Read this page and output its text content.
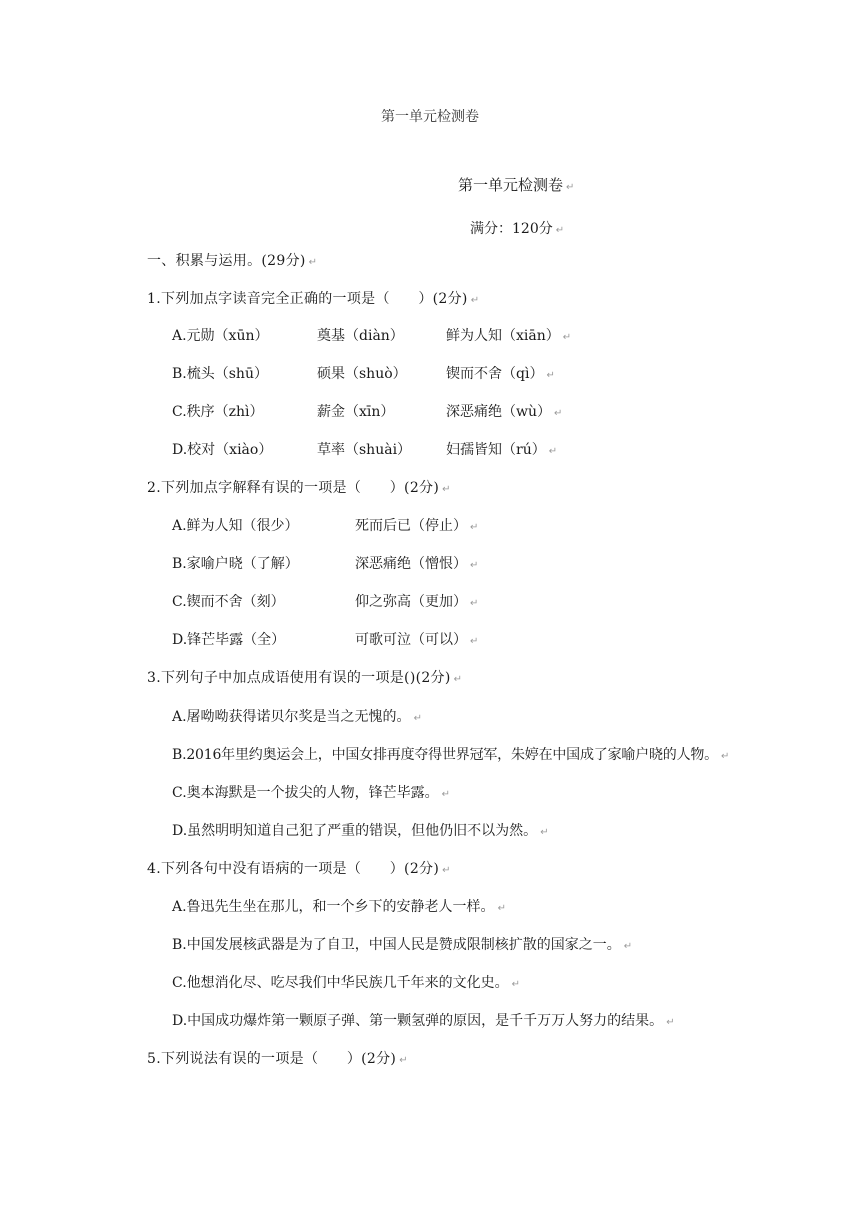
第一单元检测卷
第一单元检测卷 ↵
满分：120分 ↵
一、积累与运用。(29分) ↵
1.下列加点字读音完全正确的一项是（　　）(2分) ↵
A.元勋（xūn）	奠基（diàn）	鲜为人知（xiān） ↵
B.梳头（shū）	硕果（shuò）	锲而不舍（qì） ↵
C.秩序（zhì）	薪金（xīn）	深恶痛绝（wù） ↵
D.校对（xiào）	草率（shuài） 妇孺皆知（rú） ↵
2.下列加点字解释有误的一项是（　　）(2分) ↵
A.鲜为人知（很少）	死而后已（停止） ↵
B.家喻户晓（了解）	深恶痛绝（憎恨） ↵
C.锲而不舍（刻）	仰之弥高（更加） ↵
D.锋芒毕露（全）	可歌可泣（可以） ↵
3.下列句子中加点成语使用有误的一项是()(2分) ↵
A.屠呦呦获得诺贝尔奖是当之无愧的。 ↵
B.2016年里约奥运会上，中国女排再度夺得世界冠军，朱婷在中国成了家喻户晓的人物。 ↵
C.奥本海默是一个拔尖的人物，锋芒毕露。 ↵
D.虽然明明知道自己犯了严重的错误，但他仍旧不以为然。 ↵
4.下列各句中没有语病的一项是（　　）(2分) ↵
A.鲁迅先生坐在那儿，和一个乡下的安静老人一样。 ↵
B.中国发展核武器是为了自卫，中国人民是赞成限制核扩散的国家之一。 ↵
C.他想消化尽、吃尽我们中华民族几千年来的文化史。 ↵
D.中国成功爆炸第一颗原子弹、第一颗氢弹的原因，是千千万万人努力的结果。 ↵
5.下列说法有误的一项是（　　）(2分) ↵
